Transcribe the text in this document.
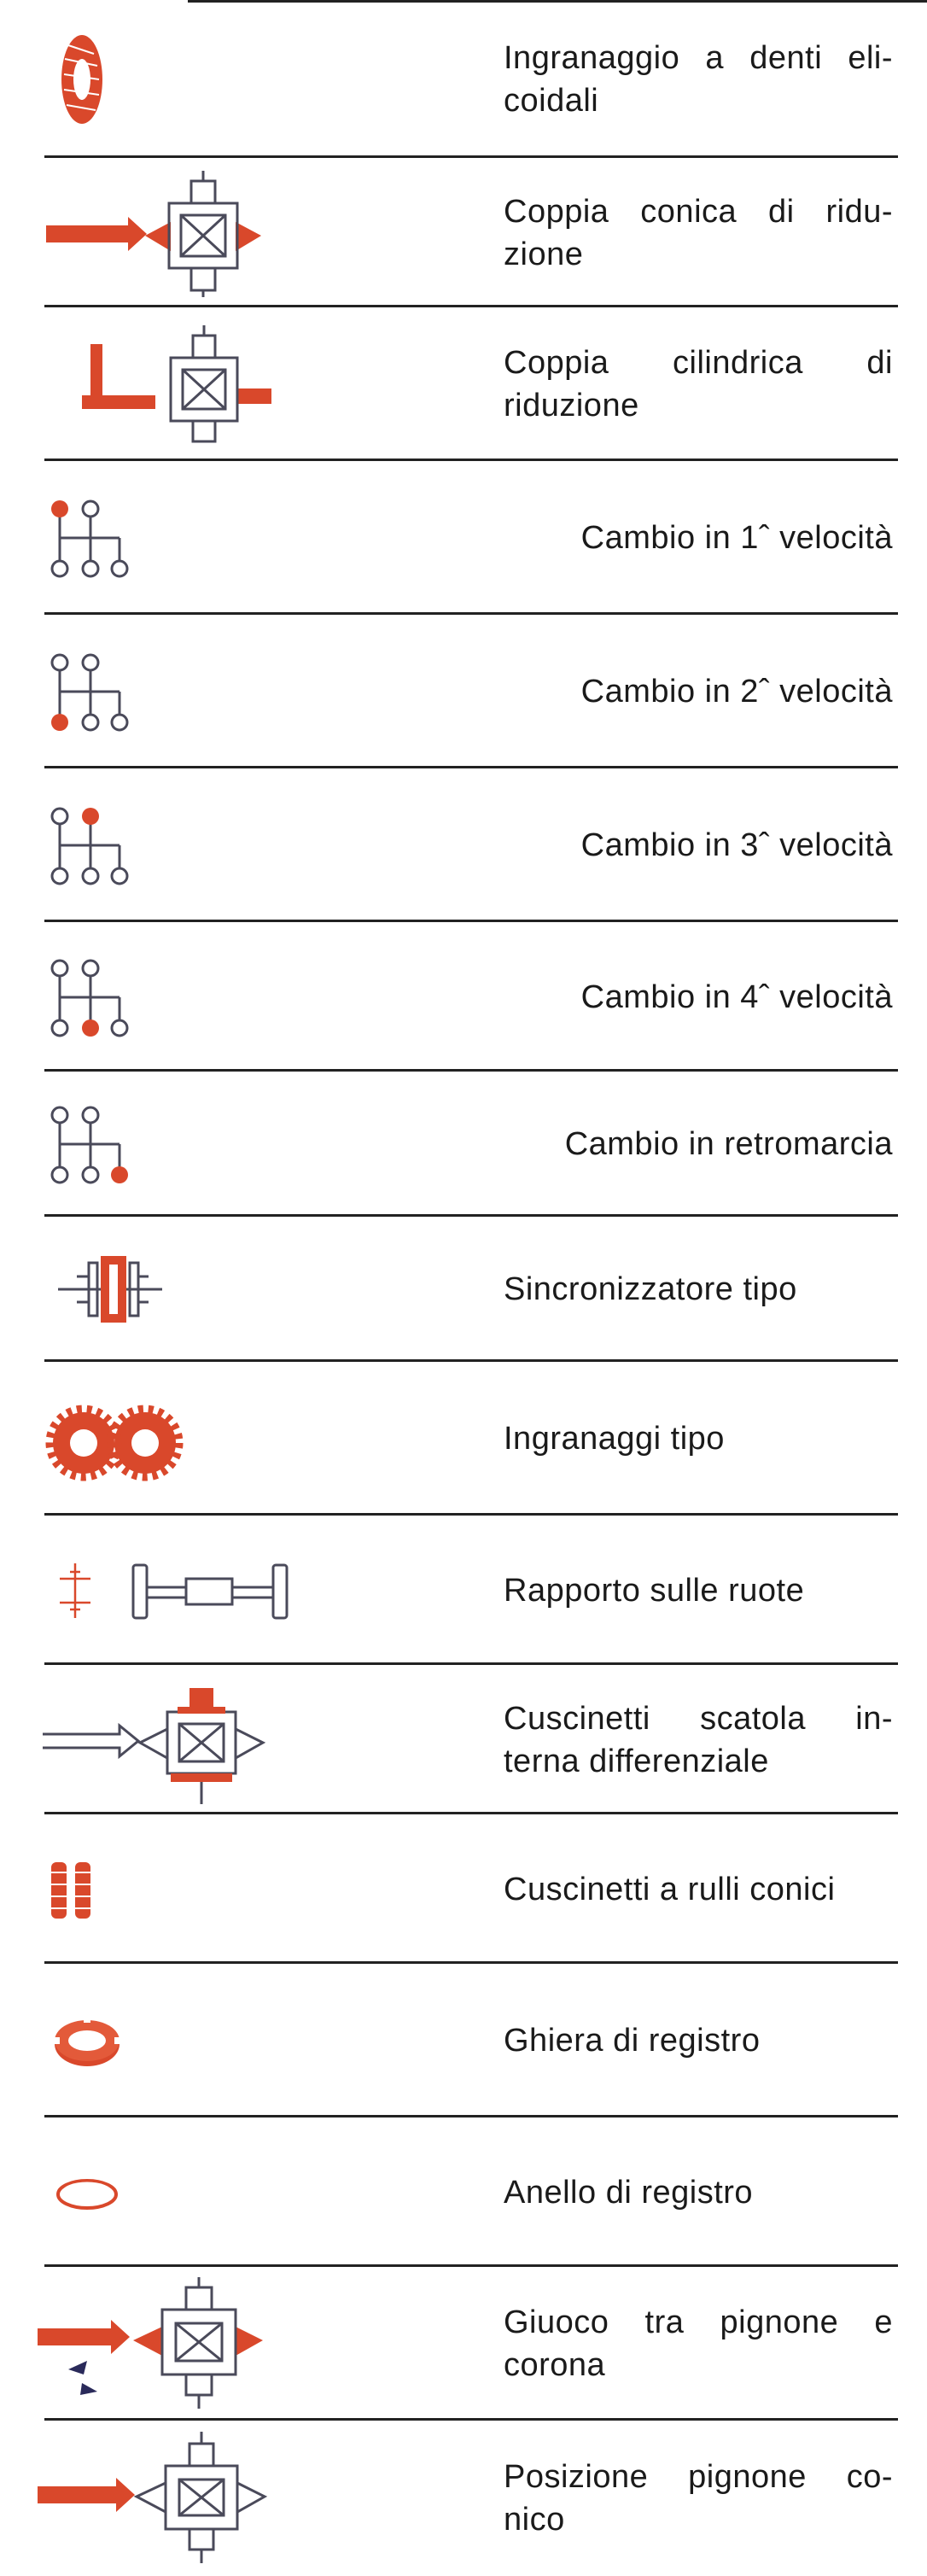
Ingranaggio a denti eli-
coidali
Coppia conica di ridu-
zione
Coppia cilindrica di
riduzione
Cambio in 1ˆ velocità
Cambio in 2ˆ velocità
Cambio in 3ˆ velocità
Cambio in 4ˆ velocità
Cambio in retromarcia
Sincronizzatore tipo
Ingranaggi tipo
Rapporto sulle ruote
Cuscinetti scatola in-
terna differenziale
Cuscinetti a rulli conici
Ghiera di registro
Anello di registro
Giuoco tra pignone e
corona
Posizione pignone co-
nico
